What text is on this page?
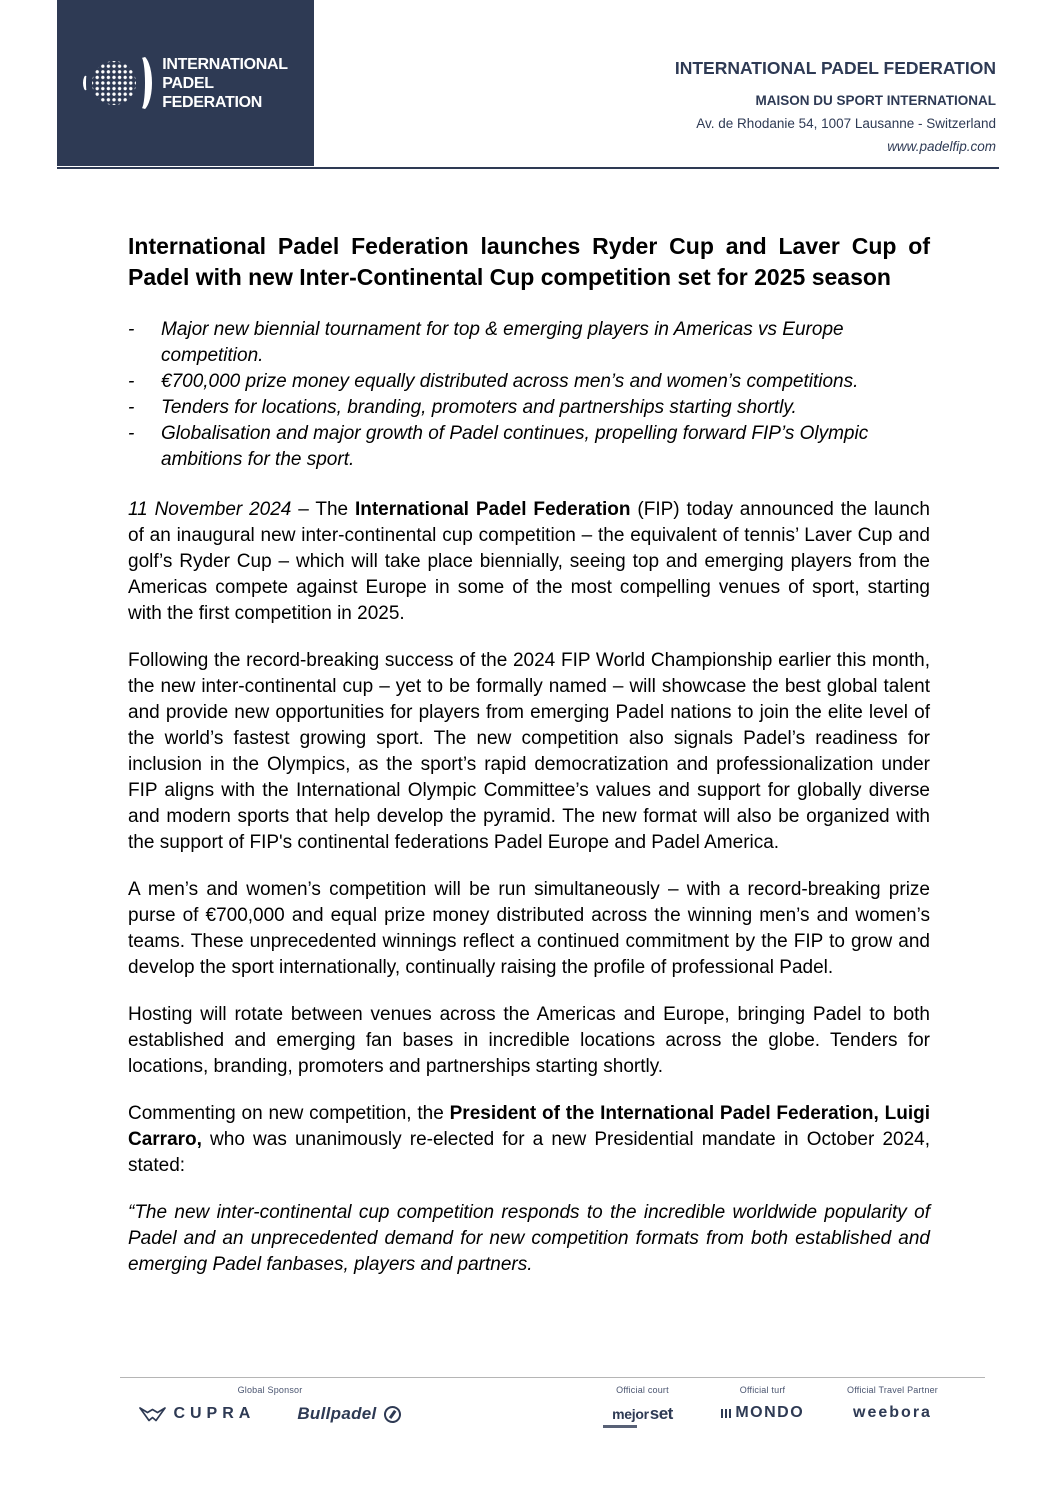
INTERNATIONAL
PADEL
FEDERATION
INTERNATIONAL PADEL FEDERATION
MAISON DU SPORT INTERNATIONAL
Av. de Rhodanie 54, 1007 Lausanne - Switzerland
www.padelfip.com
International Padel Federation launches Ryder Cup and Laver Cup of Padel with new Inter-Continental Cup competition set for 2025 season
-	Major new biennial tournament for top & emerging players in Americas vs Europe competition.
-	€700,000 prize money equally distributed across men’s and women’s competitions.
-	Tenders for locations, branding, promoters and partnerships starting shortly.
-	Globalisation and major growth of Padel continues, propelling forward FIP’s Olympic ambitions for the sport.
11 November 2024 – The International Padel Federation (FIP) today announced the launch of an inaugural new inter-continental cup competition – the equivalent of tennis’ Laver Cup and golf’s Ryder Cup – which will take place biennially, seeing top and emerging players from the Americas compete against Europe in some of the most compelling venues of sport, starting with the first competition in 2025.
Following the record-breaking success of the 2024 FIP World Championship earlier this month, the new inter-continental cup – yet to be formally named – will showcase the best global talent and provide new opportunities for players from emerging Padel nations to join the elite level of the world’s fastest growing sport. The new competition also signals Padel’s readiness for inclusion in the Olympics, as the sport’s rapid democratization and professionalization under FIP aligns with the International Olympic Committee’s values and support for globally diverse and modern sports that help develop the pyramid. The new format will also be organized with the support of FIP's continental federations Padel Europe and Padel America.
A men’s and women’s competition will be run simultaneously – with a record-breaking prize purse of €700,000 and equal prize money distributed across the winning men’s and women’s teams. These unprecedented winnings reflect a continued commitment by the FIP to grow and develop the sport internationally, continually raising the profile of professional Padel.
Hosting will rotate between venues across the Americas and Europe, bringing Padel to both established and emerging fan bases in incredible locations across the globe. Tenders for locations, branding, promoters and partnerships starting shortly.
Commenting on new competition, the President of the International Padel Federation, Luigi Carraro, who was unanimously re-elected for a new Presidential mandate in October 2024, stated:
“The new inter-continental cup competition responds to the incredible worldwide popularity of Padel and an unprecedented demand for new competition formats from both established and emerging Padel fanbases, players and partners.
Global Sponsor
CUPRA Bullpadel
Official court
mejor set
Official turf
MONDO
Official Travel Partner
weebora
